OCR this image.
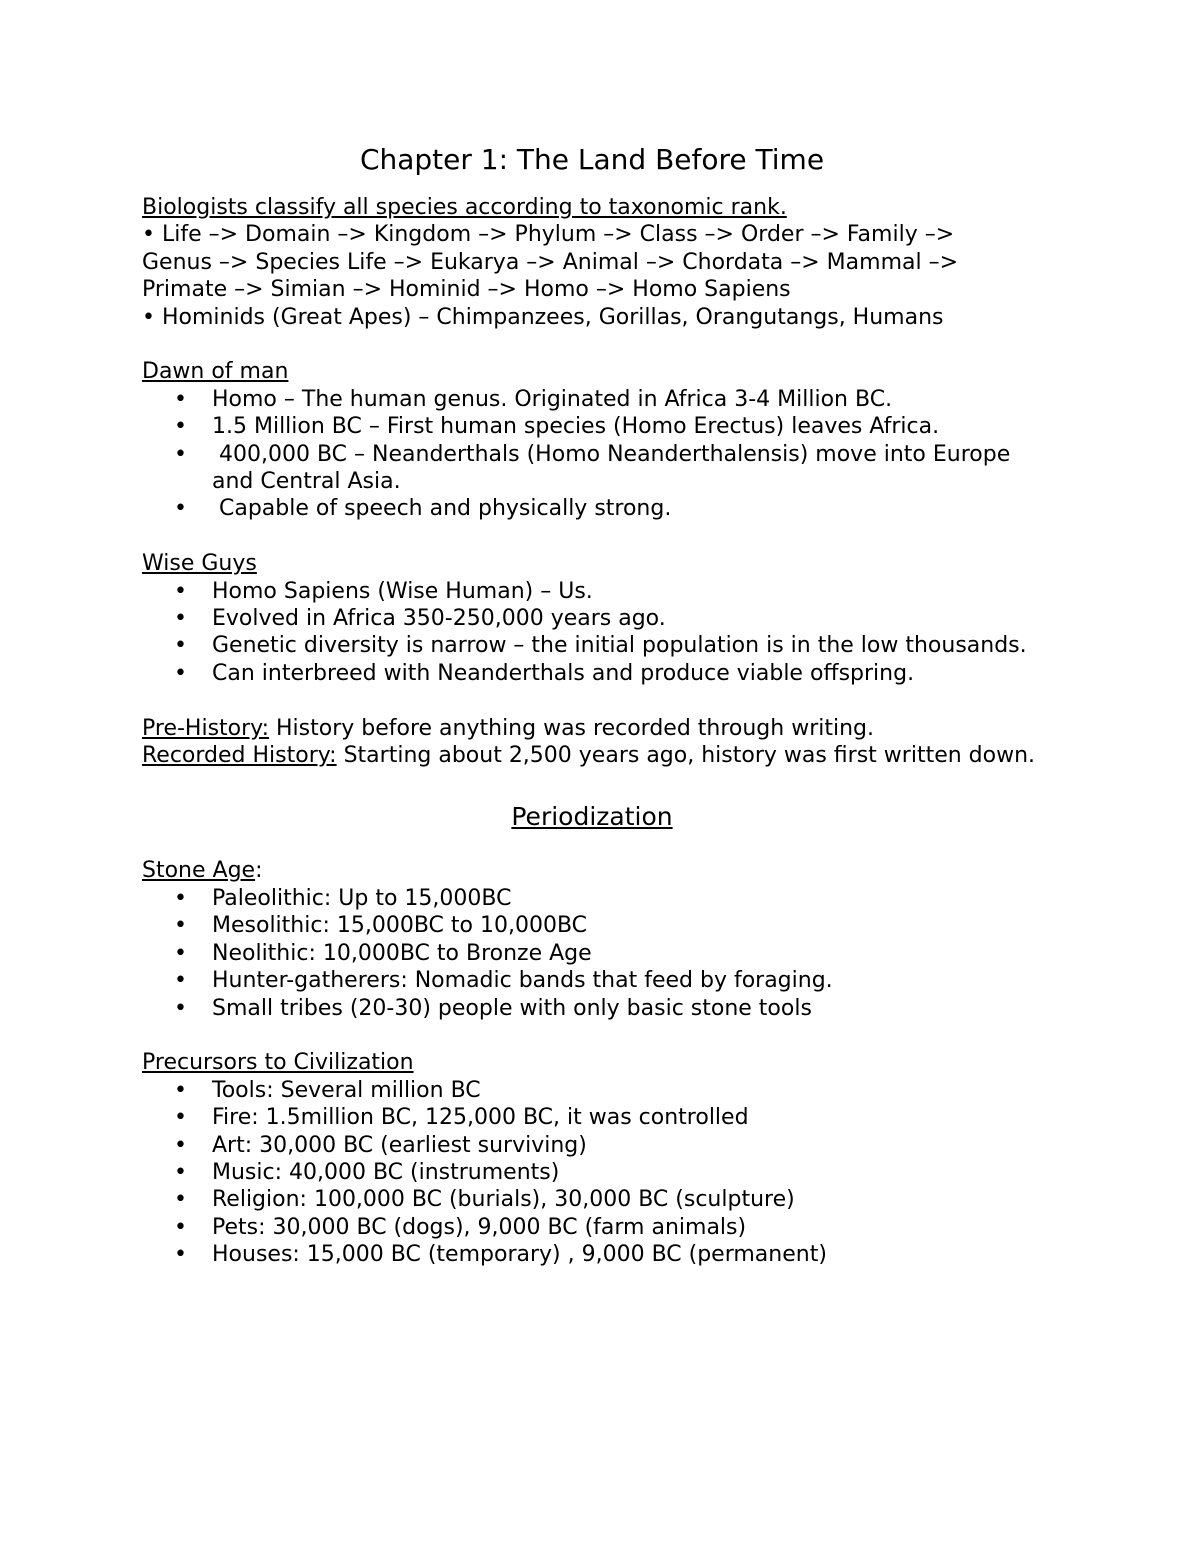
Chapter 1: The Land Before Time

Biologists classify all species according to taxonomic rank.

• Life –> Domain –> Kingdom –> Phylum –> Class –> Order –> Family –>

Genus –> Species Life –> Eukarya –> Animal –> Chordata –> Mammal –>

Primate –> Simian –> Hominid –> Homo –> Homo Sapiens

• Hominids (Great Apes) – Chimpanzees, Gorillas, Orangutangs, Humans

Dawn of man

• Homo – The human genus. Originated in Africa 3-4 Million BC.
• 1.5 Million BC – First human species (Homo Erectus) leaves Africa.
•  400,000 BC – Neanderthals (Homo Neanderthalensis) move into Europe
and Central Asia.
•  Capable of speech and physically strong.

Wise Guys

• Homo Sapiens (Wise Human) – Us.
• Evolved in Africa 350-250,000 years ago.
• Genetic diversity is narrow – the initial population is in the low thousands.
• Can interbreed with Neanderthals and produce viable offspring.

Pre-History: History before anything was recorded through writing.

Recorded History: Starting about 2,500 years ago, history was first written down.

Periodization

Stone Age:

• Paleolithic: Up to 15,000BC
• Mesolithic: 15,000BC to 10,000BC
• Neolithic: 10,000BC to Bronze Age
• Hunter-gatherers: Nomadic bands that feed by foraging.
• Small tribes (20-30) people with only basic stone tools

Precursors to Civilization

• Tools: Several million BC
• Fire: 1.5million BC, 125,000 BC, it was controlled
• Art: 30,000 BC (earliest surviving)
• Music: 40,000 BC (instruments)
• Religion: 100,000 BC (burials), 30,000 BC (sculpture)
• Pets: 30,000 BC (dogs), 9,000 BC (farm animals)
• Houses: 15,000 BC (temporary) , 9,000 BC (permanent)
